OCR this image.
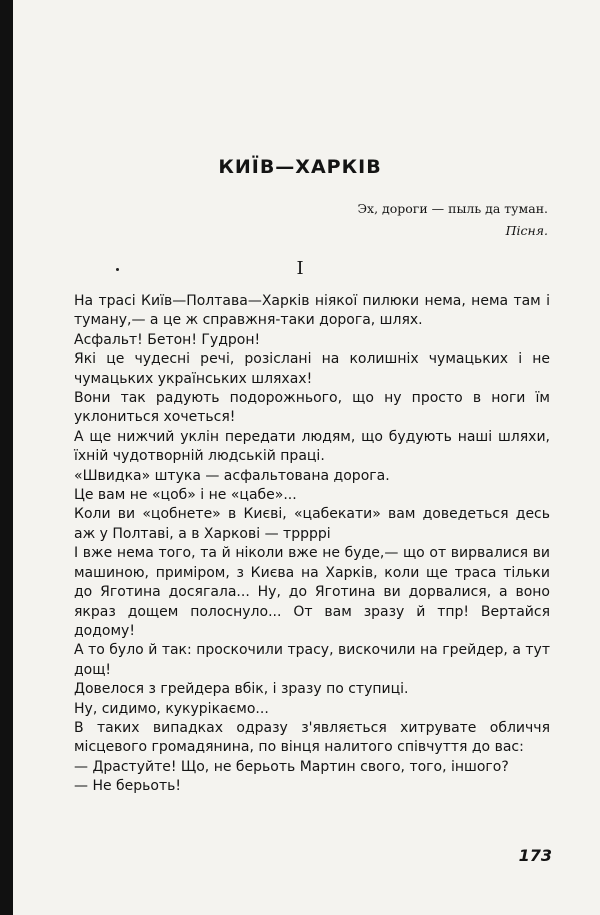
КИЇВ—ХАРКІВ
Эх, дороги — пыль да туман.
Пісня.
І

На трасі Київ—Полтава—Харків ніякої пилюки нема, нема там і туману,— а це ж справжня-таки дорога, шлях.

Асфальт! Бетон! Гудрон!

Які це чудесні речі, розіслані на колишніх чумацьких і не чумацьких українських шляхах!

Вони так радують подорожнього, що ну просто в ноги їм уклониться хочеться!

А ще нижчий уклін передати людям, що будують наші шляхи, їхній чудотворній людській праці.

«Швидка» штука — асфальтована дорога.

Це вам не «цоб» і не «цабе»...

Коли ви «цобнете» в Києві, «цабекати» вам доведеться десь аж у Полтаві, а в Харкові — тррррі

І вже нема того, та й ніколи вже не буде,— що от вирвалися ви машиною, приміром, з Києва на Харків, коли ще траса тільки до Яготина досягала... Ну, до Яготина ви дорвалися, а воно якраз дощем полоснуло... От вам зразу й тпр! Вертайся додому!

А то було й так: проскочили трасу, вискочили на грейдер, а тут дощ!

Довелося з грейдера вбік, і зразу по ступиці.

Ну, сидимо, кукурікаємо...

В таких випадках одразу з'являється хитрувате обличчя місцевого громадянина, по вінця налитого співчуття до вас:

— Драстуйте! Що, не берьоть Мартин свого, того, іншого?

— Не берьоть!

173
